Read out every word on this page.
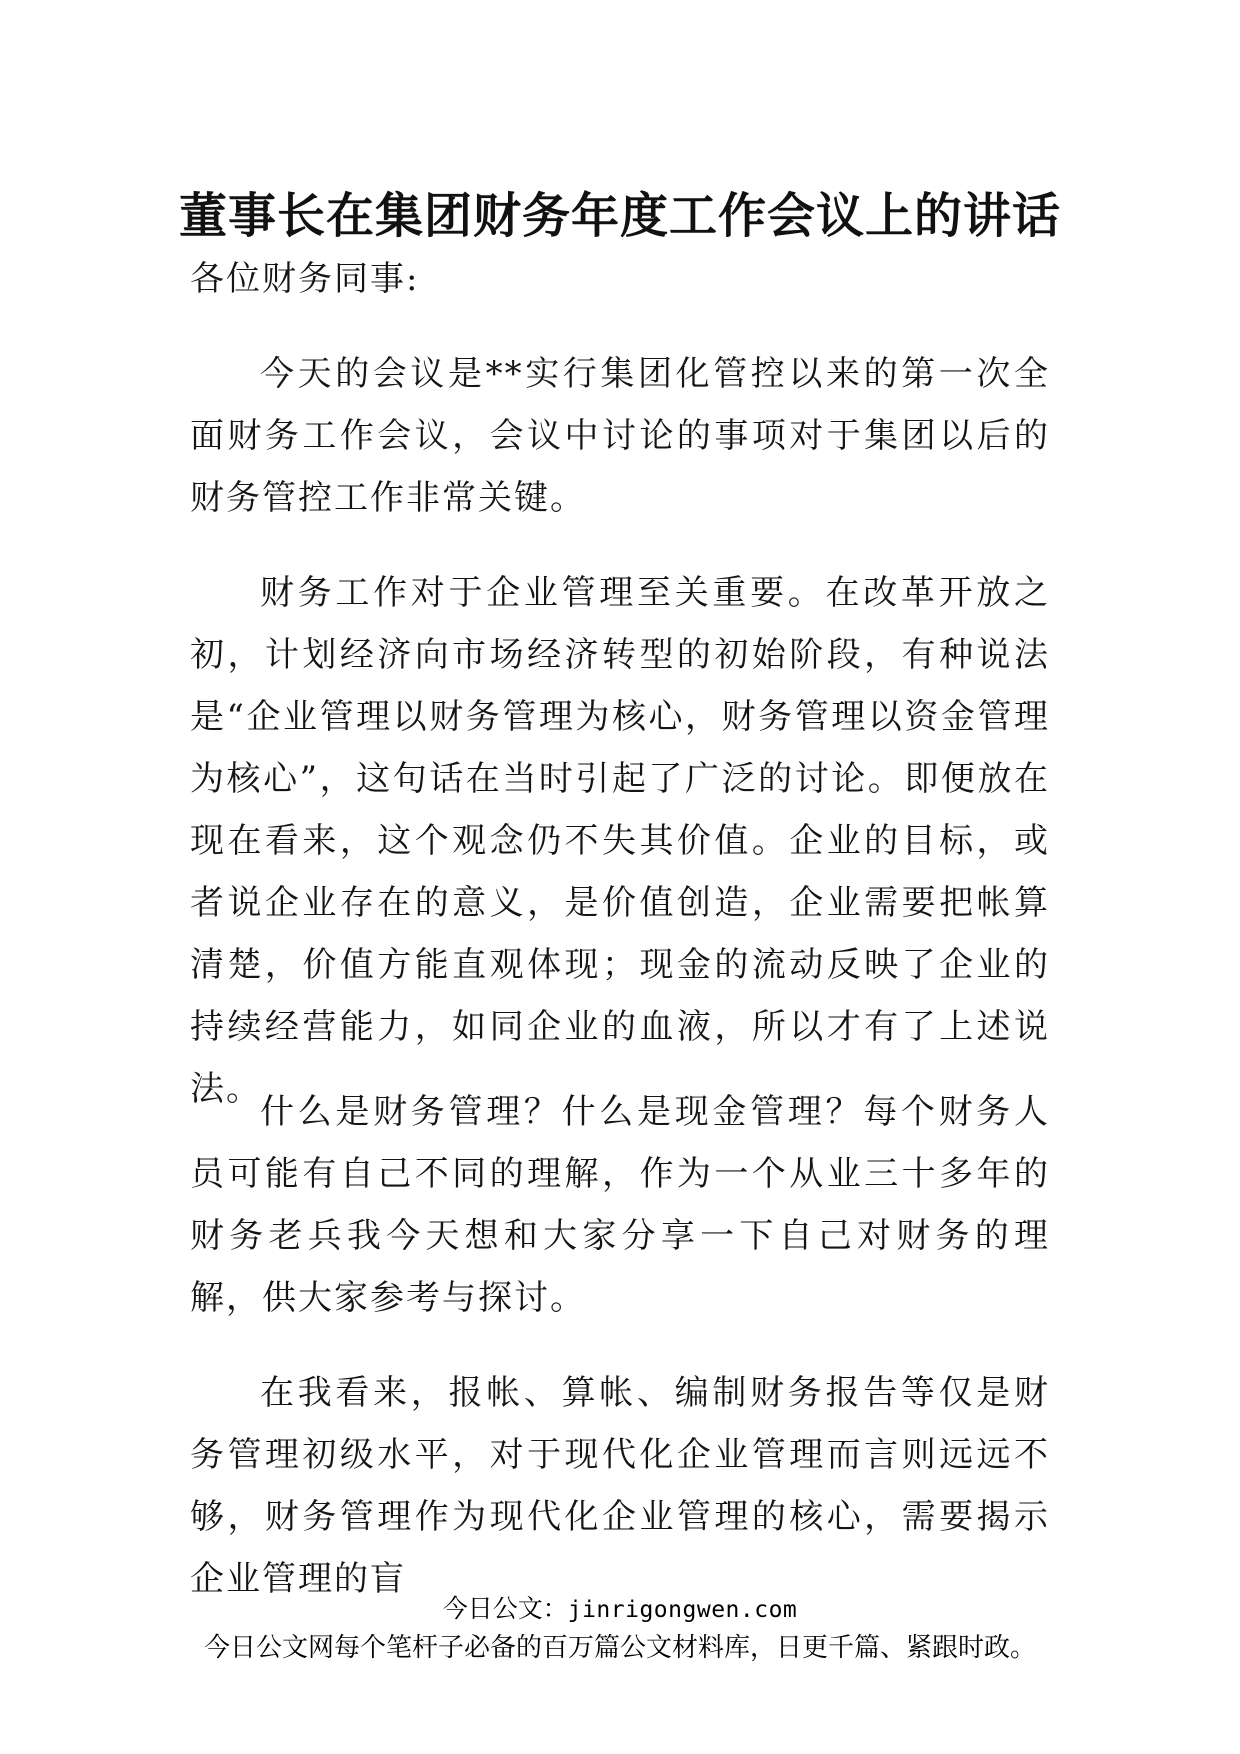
董事长在集团财务年度工作会议上的讲话
各位财务同事:

今天的会议是**实行集团化管控以来的第一次全面财务工作会议，会议中讨论的事项对于集团以后的财务管控工作非常关键。

财务工作对于企业管理至关重要。在改革开放之初，计划经济向市场经济转型的初始阶段，有种说法是“企业管理以财务管理为核心，财务管理以资金管理为核心”，这句话在当时引起了广泛的讨论。即便放在现在看来，这个观念仍不失其价值。企业的目标，或者说企业存在的意义，是价值创造，企业需要把帐算清楚，价值方能直观体现；现金的流动反映了企业的持续经营能力，如同企业的血液，所以才有了上述说法。

什么是财务管理？什么是现金管理？每个财务人员可能有自己不同的理解，作为一个从业三十多年的财务老兵我今天想和大家分享一下自己对财务的理解，供大家参考与探讨。

在我看来，报帐、算帐、编制财务报告等仅是财务管理初级水平，对于现代化企业管理而言则远远不够，财务管理作为现代化企业管理的核心，需要揭示企业管理的盲

今日公文：jinrigongwen.com
今日公文网每个笔杆子必备的百万篇公文材料库，日更千篇、紧跟时政。
